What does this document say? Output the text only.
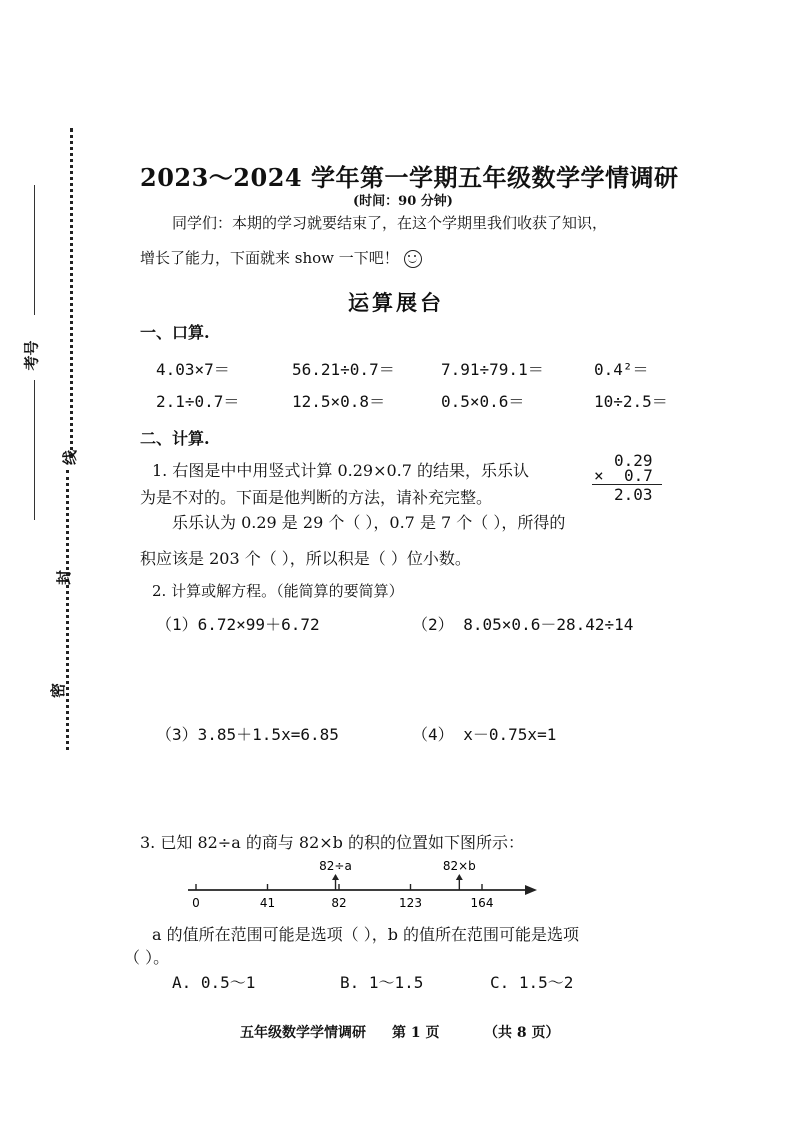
考号
线
封
密
2023～2024 学年第一学期五年级数学学情调研
(时间：90 分钟)
同学们：本期的学习就要结束了，在这个学期里我们收获了知识，
增长了能力，下面就来 show 一下吧！
运算展台
一、口算.
4.03×7＝	56.21÷0.7＝	7.91÷79.1＝	0.4²＝
2.1÷0.7＝	12.5×0.8＝	0.5×0.6＝	10÷2.5＝
二、计算.
1. 右图是中中用竖式计算 0.29×0.7 的结果，乐乐认
为是不对的。下面是他判断的方法，请补充完整。
乐乐认为 0.29 是 29 个（ ），0.7 是 7 个（ ），所得的
积应该是 203 个（ ），所以积是（ ）位小数。
0.29
× 0.7
2.03
2. 计算或解方程。（能简算的要简算）
（1）6.72×99＋6.72	（2） 8.05×0.6－28.42÷14
（3）3.85＋1.5x=6.85	（4） x－0.75x=1
3. 已知 82÷a 的商与 82×b 的积的位置如下图所示：
0	41	82	123	164
82÷a	82×b
a 的值所在范围可能是选项（ ），b 的值所在范围可能是选项
（ ）。
A. 0.5～1	B. 1～1.5	C. 1.5～2
五年级数学学情调研 第 1 页	（共 8 页）
